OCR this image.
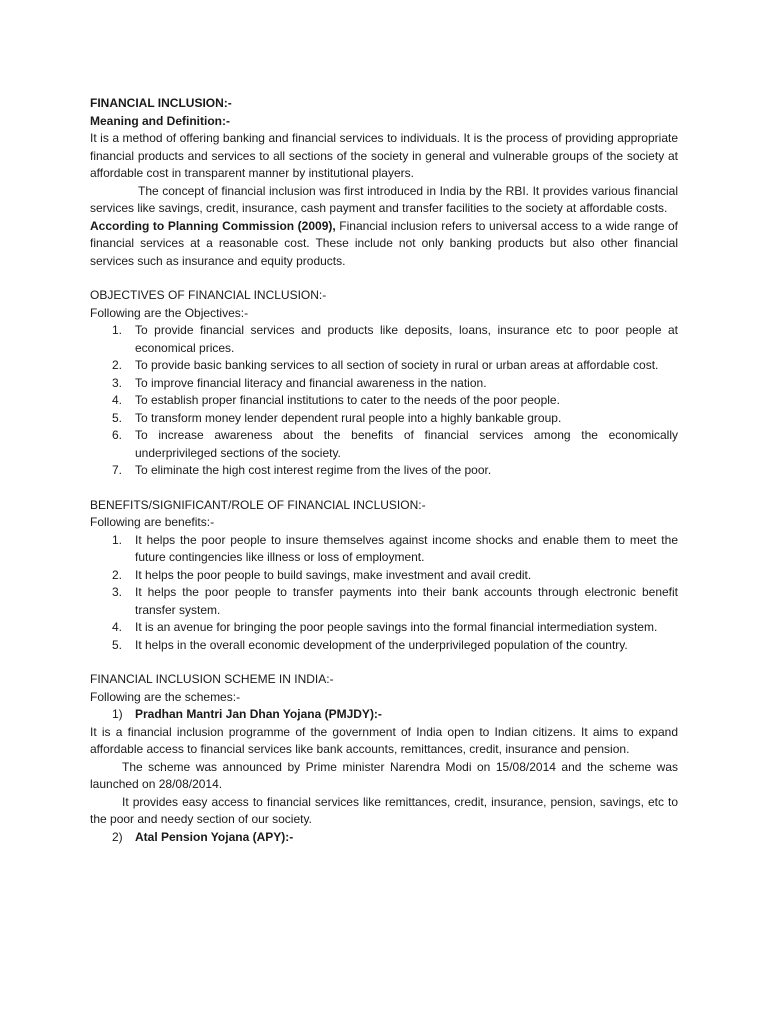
FINANCIAL INCLUSION:-
Meaning and Definition:-

It is a method of offering banking and financial services to individuals. It is the process of providing appropriate financial products and services to all sections of the society in general and vulnerable groups of the society at affordable cost in transparent manner by institutional players.

The concept of financial inclusion was first introduced in India by the RBI. It provides various financial services like savings, credit, insurance, cash payment and transfer facilities to the society at affordable costs.

According to Planning Commission (2009), Financial inclusion refers to universal access to a wide range of financial services at a reasonable cost. These include not only banking products but also other financial services such as insurance and equity products.

OBJECTIVES OF FINANCIAL INCLUSION:-
Following are the Objectives:-
1. To provide financial services and products like deposits, loans, insurance etc to poor people at economical prices.
2. To provide basic banking services to all section of society in rural or urban areas at affordable cost.
3. To improve financial literacy and financial awareness in the nation.
4. To establish proper financial institutions to cater to the needs of the poor people.
5. To transform money lender dependent rural people into a highly bankable group.
6. To increase awareness about the benefits of financial services among the economically underprivileged sections of the society.
7. To eliminate the high cost interest regime from the lives of the poor.
BENEFITS/SIGNIFICANT/ROLE OF FINANCIAL INCLUSION:-
Following are benefits:-
1. It helps the poor people to insure themselves against income shocks and enable them to meet the future contingencies like illness or loss of employment.
2. It helps the poor people to build savings, make investment and avail credit.
3. It helps the poor people to transfer payments into their bank accounts through electronic benefit transfer system.
4. It is an avenue for bringing the poor people savings into the formal financial intermediation system.
5. It helps in the overall economic development of the underprivileged population of the country.
FINANCIAL INCLUSION SCHEME IN INDIA:-
Following are the schemes:-
1) Pradhan Mantri Jan Dhan Yojana (PMJDY):-

It is a financial inclusion programme of the government of India open to Indian citizens. It aims to expand affordable access to financial services like bank accounts, remittances, credit, insurance and pension.

The scheme was announced by Prime minister Narendra Modi on 15/08/2014 and the scheme was launched on 28/08/2014.

It provides easy access to financial services like remittances, credit, insurance, pension, savings, etc to the poor and needy section of our society.

2) Atal Pension Yojana (APY):-
